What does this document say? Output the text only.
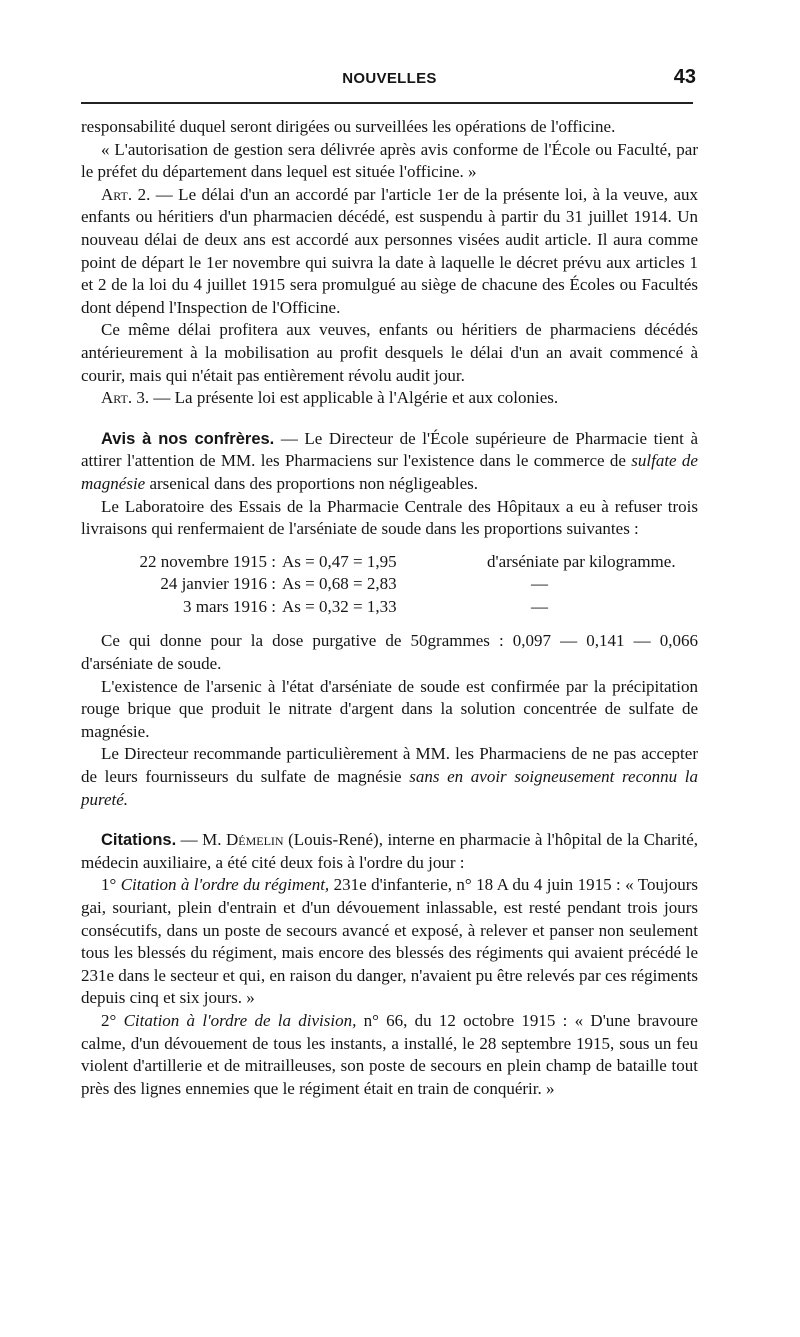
NOUVELLES	43

responsabilité duquel seront dirigées ou surveillées les opérations de l'officine.

« L'autorisation de gestion sera délivrée après avis conforme de l'École ou Faculté, par le préfet du département dans lequel est située l'officine. »

Art. 2. — Le délai d'un an accordé par l'article 1er de la présente loi, à la veuve, aux enfants ou héritiers d'un pharmacien décédé, est suspendu à partir du 31 juillet 1914. Un nouveau délai de deux ans est accordé aux personnes visées audit article. Il aura comme point de départ le 1er novembre qui suivra la date à laquelle le décret prévu aux articles 1 et 2 de la loi du 4 juillet 1915 sera promulgué au siège de chacune des Écoles ou Facultés dont dépend l'Inspection de l'Officine.

Ce même délai profitera aux veuves, enfants ou héritiers de pharmaciens décédés antérieurement à la mobilisation au profit desquels le délai d'un an avait commencé à courir, mais qui n'était pas entièrement révolu audit jour.

Art. 3. — La présente loi est applicable à l'Algérie et aux colonies.

Avis à nos confrères. — Le Directeur de l'École supérieure de Pharmacie tient à attirer l'attention de MM. les Pharmaciens sur l'existence dans le commerce de sulfate de magnésie arsenical dans des proportions non négligeables.

Le Laboratoire des Essais de la Pharmacie Centrale des Hôpitaux a eu à refuser trois livraisons qui renfermaient de l'arséniate de soude dans les proportions suivantes :

22 novembre 1915 : As = 0,47 = 1,95	d'arséniate par kilogramme.
24 janvier 1916 : As = 0,68 = 2,83	—
3 mars 1916 : As = 0,32 = 1,33	—

Ce qui donne pour la dose purgative de 50grammes : 0,097 — 0,141 — 0,066 d'arséniate de soude.

L'existence de l'arsenic à l'état d'arséniate de soude est confirmée par la précipitation rouge brique que produit le nitrate d'argent dans la solution concentrée de sulfate de magnésie.

Le Directeur recommande particulièrement à MM. les Pharmaciens de ne pas accepter de leurs fournisseurs du sulfate de magnésie sans en avoir soigneusement reconnu la pureté.

Citations. — M. Démelin (Louis-René), interne en pharmacie à l'hôpital de la Charité, médecin auxiliaire, a été cité deux fois à l'ordre du jour :

1° Citation à l'ordre du régiment, 231e d'infanterie, n° 18 A du 4 juin 1915 : « Toujours gai, souriant, plein d'entrain et d'un dévouement inlassable, est resté pendant trois jours consécutifs, dans un poste de secours avancé et exposé, à relever et panser non seulement tous les blessés du régiment, mais encore des blessés des régiments qui avaient précédé le 231e dans le secteur et qui, en raison du danger, n'avaient pu être relevés par ces régiments depuis cinq et six jours. »

2° Citation à l'ordre de la division, n° 66, du 12 octobre 1915 : « D'une bravoure calme, d'un dévouement de tous les instants, a installé, le 28 septembre 1915, sous un feu violent d'artillerie et de mitrailleuses, son poste de secours en plein champ de bataille tout près des lignes ennemies que le régiment était en train de conquérir. »
